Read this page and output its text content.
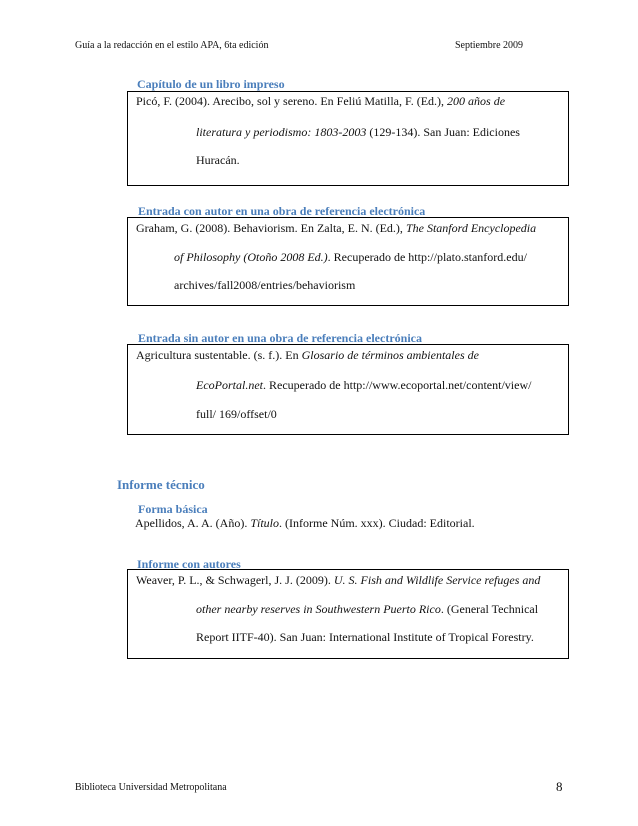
Guía a la redacción en el estilo APA, 6ta edición	Septiembre 2009
Capítulo de un libro impreso
Picó, F. (2004). Arecibo, sol y sereno. En Feliú Matilla, F. (Ed.), 200 años de
literatura y periodismo: 1803-2003 (129-134). San Juan: Ediciones
Huracán.
Entrada con autor en una obra de referencia electrónica
Graham, G. (2008). Behaviorism. En Zalta, E. N. (Ed.), The Stanford Encyclopedia
of Philosophy (Otoño 2008 Ed.). Recuperado de http://plato.stanford.edu/
archives/fall2008/entries/behaviorism
Entrada sin autor en una obra de referencia electrónica
Agricultura sustentable. (s. f.). En Glosario de términos ambientales de
EcoPortal.net. Recuperado de http://www.ecoportal.net/content/view/
full/ 169/offset/0
Informe técnico
Forma básica
Apellidos, A. A. (Año). Título. (Informe Núm. xxx). Ciudad: Editorial.
Informe con autores
Weaver, P. L., & Schwagerl, J. J. (2009). U. S. Fish and Wildlife Service refuges and
other nearby reserves in Southwestern Puerto Rico. (General Technical
Report IITF-40). San Juan: International Institute of Tropical Forestry.
Biblioteca Universidad Metropolitana	8
